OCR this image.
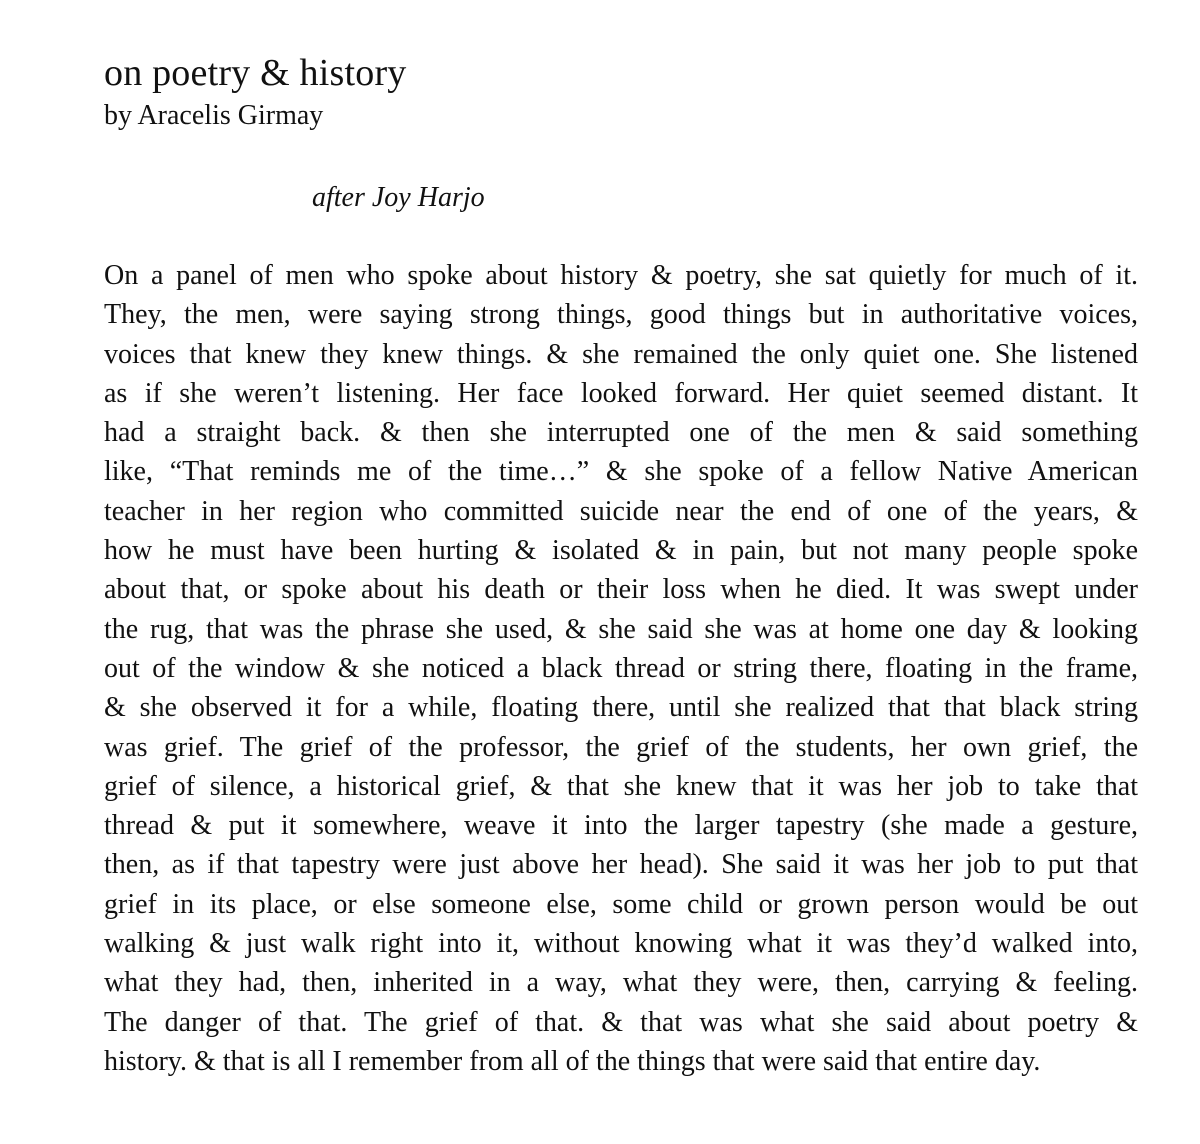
on poetry & history

by Aracelis Girmay

after Joy Harjo

On a panel of men who spoke about history & poetry, she sat quietly for much of it.
They, the men, were saying strong things, good things but in authoritative voices,
voices that knew they knew things. & she remained the only quiet one. She listened
as if she weren’t listening. Her face looked forward. Her quiet seemed distant. It
had a straight back. & then she interrupted one of the men & said something
like, “That reminds me of the time…” & she spoke of a fellow Native American
teacher in her region who committed suicide near the end of one of the years, &
how he must have been hurting & isolated & in pain, but not many people spoke
about that, or spoke about his death or their loss when he died. It was swept under
the rug, that was the phrase she used, & she said she was at home one day & looking
out of the window & she noticed a black thread or string there, floating in the frame,
& she observed it for a while, floating there, until she realized that that black string
was grief. The grief of the professor, the grief of the students, her own grief, the
grief of silence, a historical grief, & that she knew that it was her job to take that
thread & put it somewhere, weave it into the larger tapestry (she made a gesture,
then, as if that tapestry were just above her head). She said it was her job to put that
grief in its place, or else someone else, some child or grown person would be out
walking & just walk right into it, without knowing what it was they’d walked into,
what they had, then, inherited in a way, what they were, then, carrying & feeling.
The danger of that. The grief of that. & that was what she said about poetry &
history. & that is all I remember from all of the things that were said that entire day.
